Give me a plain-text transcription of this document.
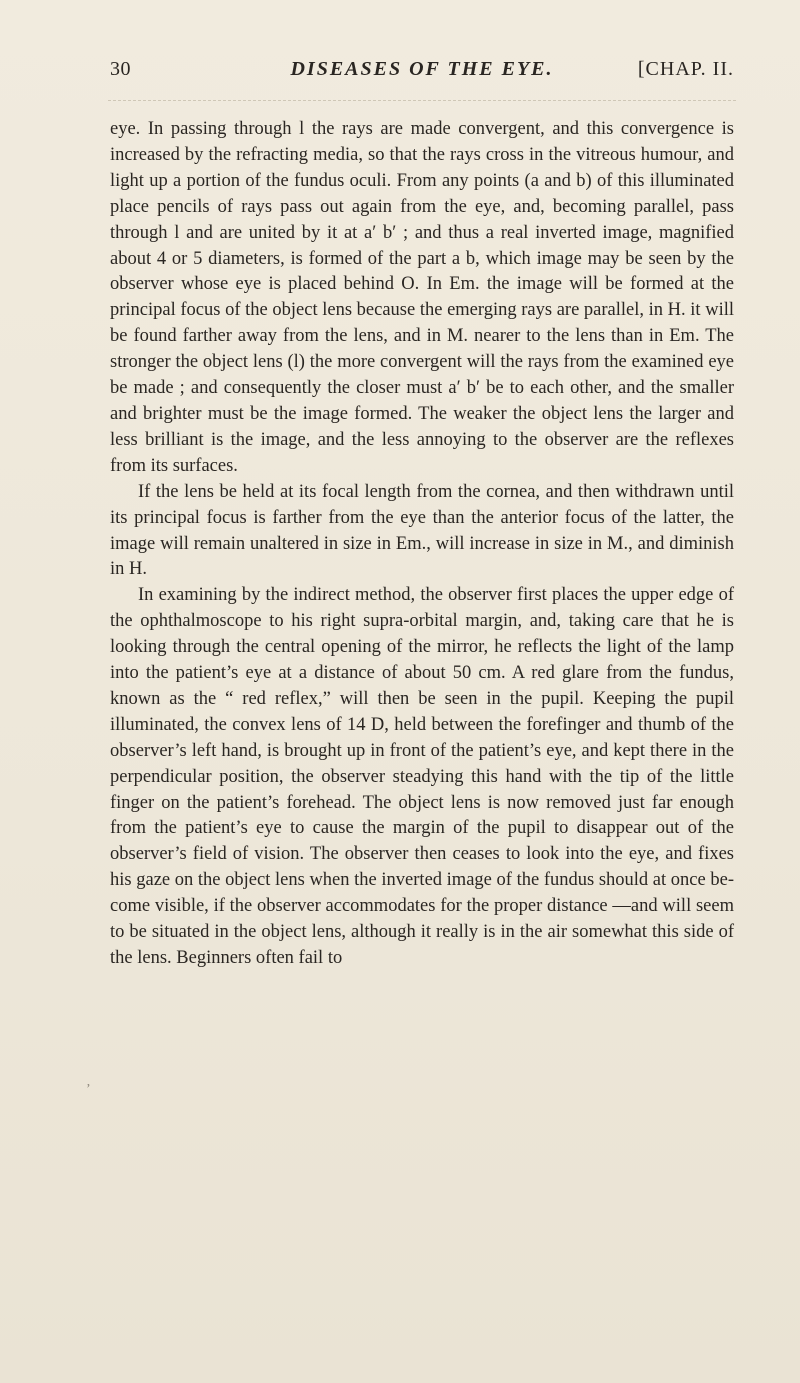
30	DISEASES OF THE EYE.	[CHAP. II.

eye. In passing through l the rays are made convergent, and this convergence is increased by the refracting media, so that the rays cross in the vitreous humour, and light up a portion of the fundus oculi. From any points (a and b) of this illuminated place pencils of rays pass out again from the eye, and, becoming parallel, pass through l and are united by it at a′ b′ ; and thus a real inverted image, magnified about 4 or 5 diameters, is formed of the part a b, which image may be seen by the observer whose eye is placed behind O. In Em. the image will be formed at the principal focus of the object lens because the emerging rays are parallel, in H. it will be found farther away from the lens, and in M. nearer to the lens than in Em. The stronger the object lens (l) the more convergent will the rays from the examined eye be made ; and consequently the closer must a′ b′ be to each other, and the smaller and brighter must be the image formed. The weaker the object lens the larger and less brilliant is the image, and the less annoying to the observer are the reflexes from its surfaces.

If the lens be held at its focal length from the cornea, and then withdrawn until its principal focus is farther from the eye than the anterior focus of the latter, the image will remain unaltered in size in Em., will increase in size in M., and diminish in H.

In examining by the indirect method, the observer first places the upper edge of the ophthalmoscope to his right supra-orbital margin, and, taking care that he is looking through the central opening of the mirror, he reflects the light of the lamp into the patient’s eye at a distance of about 50 cm. A red glare from the fundus, known as the “ red reflex,” will then be seen in the pupil. Keeping the pupil illuminated, the convex lens of 14 D, held between the forefinger and thumb of the observer’s left hand, is brought up in front of the patient’s eye, and kept there in the perpendicular position, the observer steadying this hand with the tip of the little finger on the patient’s forehead. The object lens is now removed just far enough from the patient’s eye to cause the margin of the pupil to disappear out of the observer’s field of vision. The observer then ceases to look into the eye, and fixes his gaze on the object lens when the inverted image of the fundus should at once be-come visible, if the observer accommodates for the proper distance —and will seem to be situated in the object lens, although it really is in the air somewhat this side of the lens. Beginners often fail to

ʼ
